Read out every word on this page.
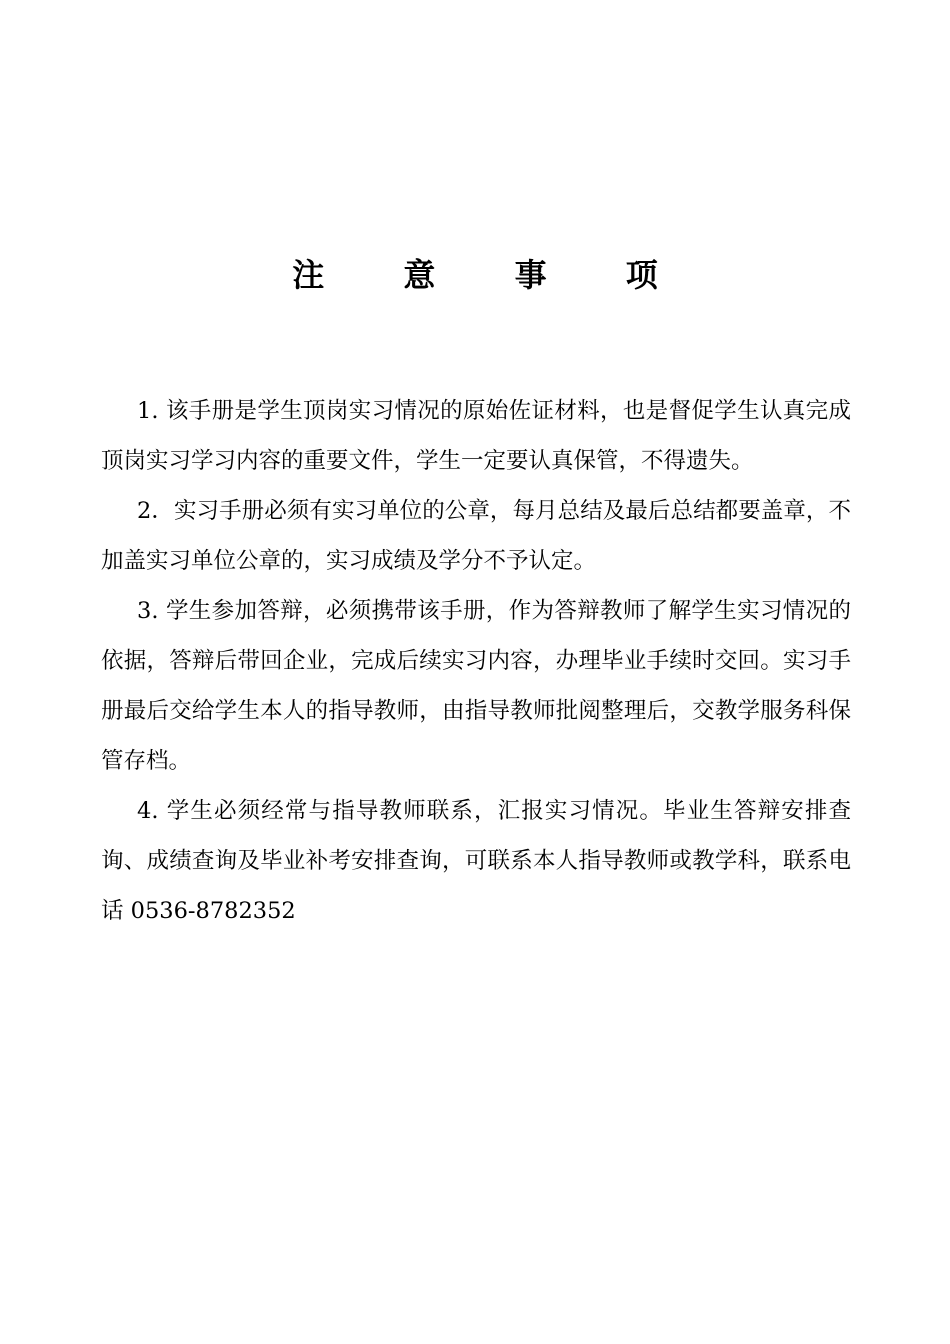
注 意 事 项

1. 该手册是学生顶岗实习情况的原始佐证材料，也是督促学生认真完成顶岗实习学习内容的重要文件，学生一定要认真保管，不得遗失。

2．实习手册必须有实习单位的公章，每月总结及最后总结都要盖章，不加盖实习单位公章的，实习成绩及学分不予认定。

3. 学生参加答辩，必须携带该手册，作为答辩教师了解学生实习情况的依据，答辩后带回企业，完成后续实习内容，办理毕业手续时交回。实习手册最后交给学生本人的指导教师，由指导教师批阅整理后，交教学服务科保管存档。

4. 学生必须经常与指导教师联系，汇报实习情况。毕业生答辩安排查询、成绩查询及毕业补考安排查询，可联系本人指导教师或教学科，联系电话 0536-8782352
